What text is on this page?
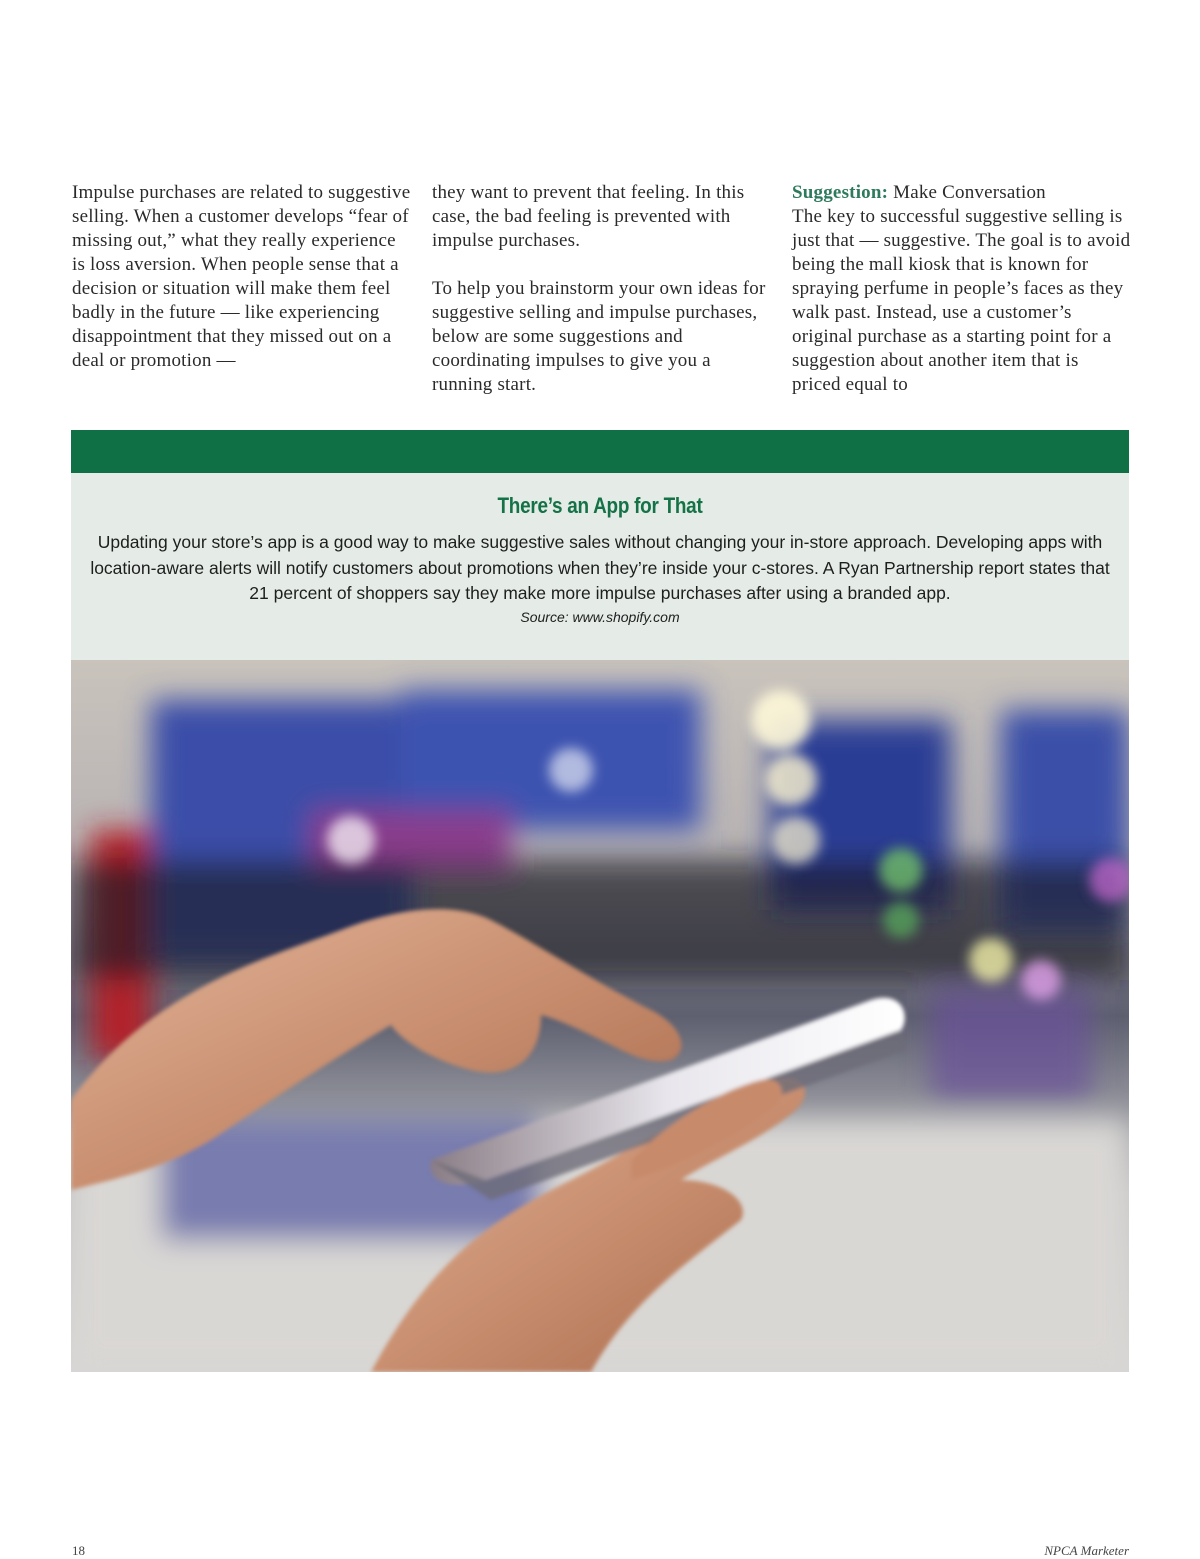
Impulse purchases are related to suggestive selling. When a customer develops “fear of missing out,” what they really experience is loss aversion. When people sense that a decision or situation will make them feel badly in the future — like experiencing disappointment that they missed out on a deal or promotion —

they want to prevent that feeling. In this case, the bad feeling is prevented with impulse purchases.

To help you brainstorm your own ideas for suggestive selling and impulse purchases, below are some suggestions and coordinating impulses to give you a running start.

Suggestion: Make Conversation

The key to successful suggestive selling is just that — suggestive. The goal is to avoid being the mall kiosk that is known for spraying perfume in people’s faces as they walk past. Instead, use a customer’s original purchase as a starting point for a suggestion about another item that is priced equal to

There’s an App for That
Updating your store’s app is a good way to make suggestive sales without changing your in-store approach. Developing apps with location-aware alerts will notify customers about promotions when they’re inside your c-stores. A Ryan Partnership report states that 21 percent of shoppers say they make more impulse purchases after using a branded app.
Source: www.shopify.com
18	NPCA Marketer
